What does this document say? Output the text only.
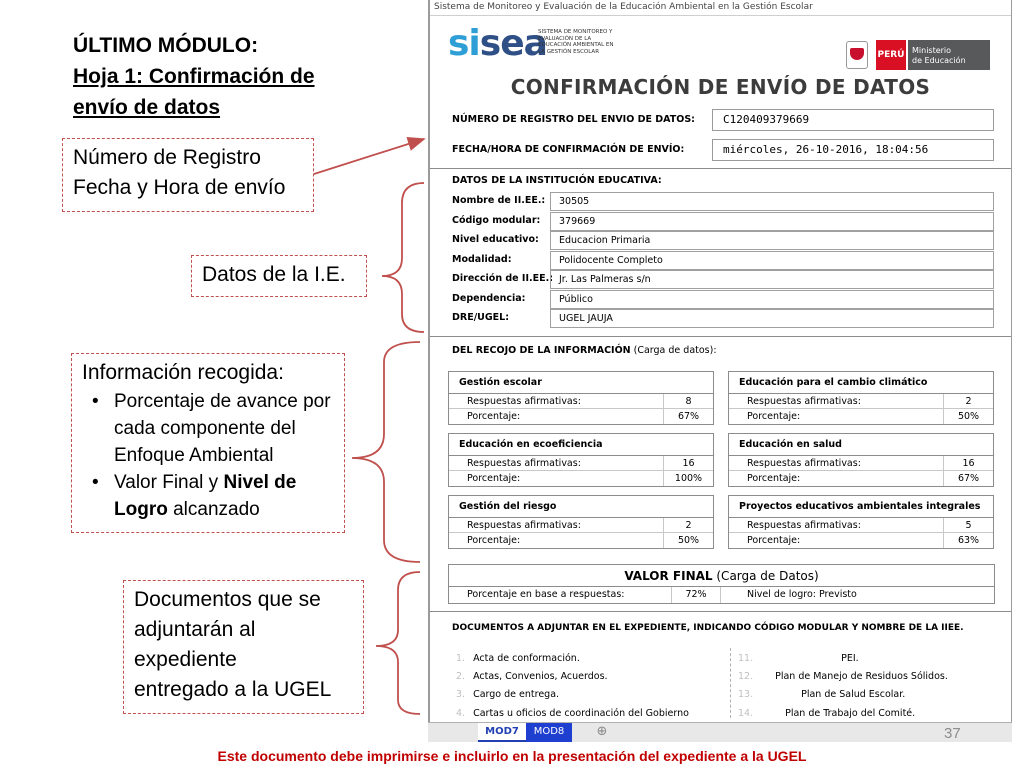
ÚLTIMO MÓDULO:
Hoja 1: Confirmación de
envío de datos
Número de Registro
Fecha y Hora de envío
Datos de la I.E.
Información recogida:
• Porcentaje de avance por cada componente del Enfoque Ambiental
• Valor Final y Nivel de Logro alcanzado
Documentos que se
adjuntarán al
expediente
entregado a la UGEL
Sistema de Monitoreo y Evaluación de la Educación Ambiental en la Gestión Escolar
sisea
SISTEMA DE MONITOREO Y EVALUACIÓN DE LA EDUCACIÓN AMBIENTAL EN LA GESTIÓN ESCOLAR	PERÚ Ministerio
de Educación
CONFIRMACIÓN DE ENVÍO DE DATOS
NÚMERO DE REGISTRO DEL ENVIO DE DATOS:	C120409379669
FECHA/HORA DE CONFIRMACIÓN DE ENVÍO:	miércoles, 26-10-2016, 18:04:56
DATOS DE LA INSTITUCIÓN EDUCATIVA:
Nombre de II.EE.:	30505
Código modular:	379669
Nivel educativo:	Educacion Primaria
Modalidad:	Polidocente Completo
Dirección de II.EE.: Jr. Las Palmeras s/n
Dependencia:	Público
DRE/UGEL:	UGEL JAUJA
DEL RECOJO DE LA INFORMACIÓN (Carga de datos):
Gestión escolar
Respuestas afirmativas:	8
Porcentaje:	67%
Educación para el cambio climático
Respuestas afirmativas:	2
Porcentaje:	50%
Educación en ecoeficiencia
Respuestas afirmativas:	16
Porcentaje:	100%
Educación en salud
Respuestas afirmativas:	16
Porcentaje:	67%
Gestión del riesgo
Respuestas afirmativas:	2
Porcentaje:	50%
Proyectos educativos ambientales integrales
Respuestas afirmativas:	5
Porcentaje:	63%
VALOR FINAL (Carga de Datos)
Porcentaje en base a respuestas:	72%	Nivel de logro: Previsto
DOCUMENTOS A ADJUNTAR EN EL EXPEDIENTE, INDICANDO CÓDIGO MODULAR Y NOMBRE DE LA IIEE.
1. Acta de conformación.
2. Actas, Convenios, Acuerdos.
3. Cargo de entrega.
4. Cartas u oficios de coordinación del Gobierno
11.	PEI.
12. Plan de Manejo de Residuos Sólidos.
13.	Plan de Salud Escolar.
14.	Plan de Trabajo del Comité.
MOD7	MOD8	⊕	37
Este documento debe imprimirse e incluirlo en la presentación del expediente a la UGEL
